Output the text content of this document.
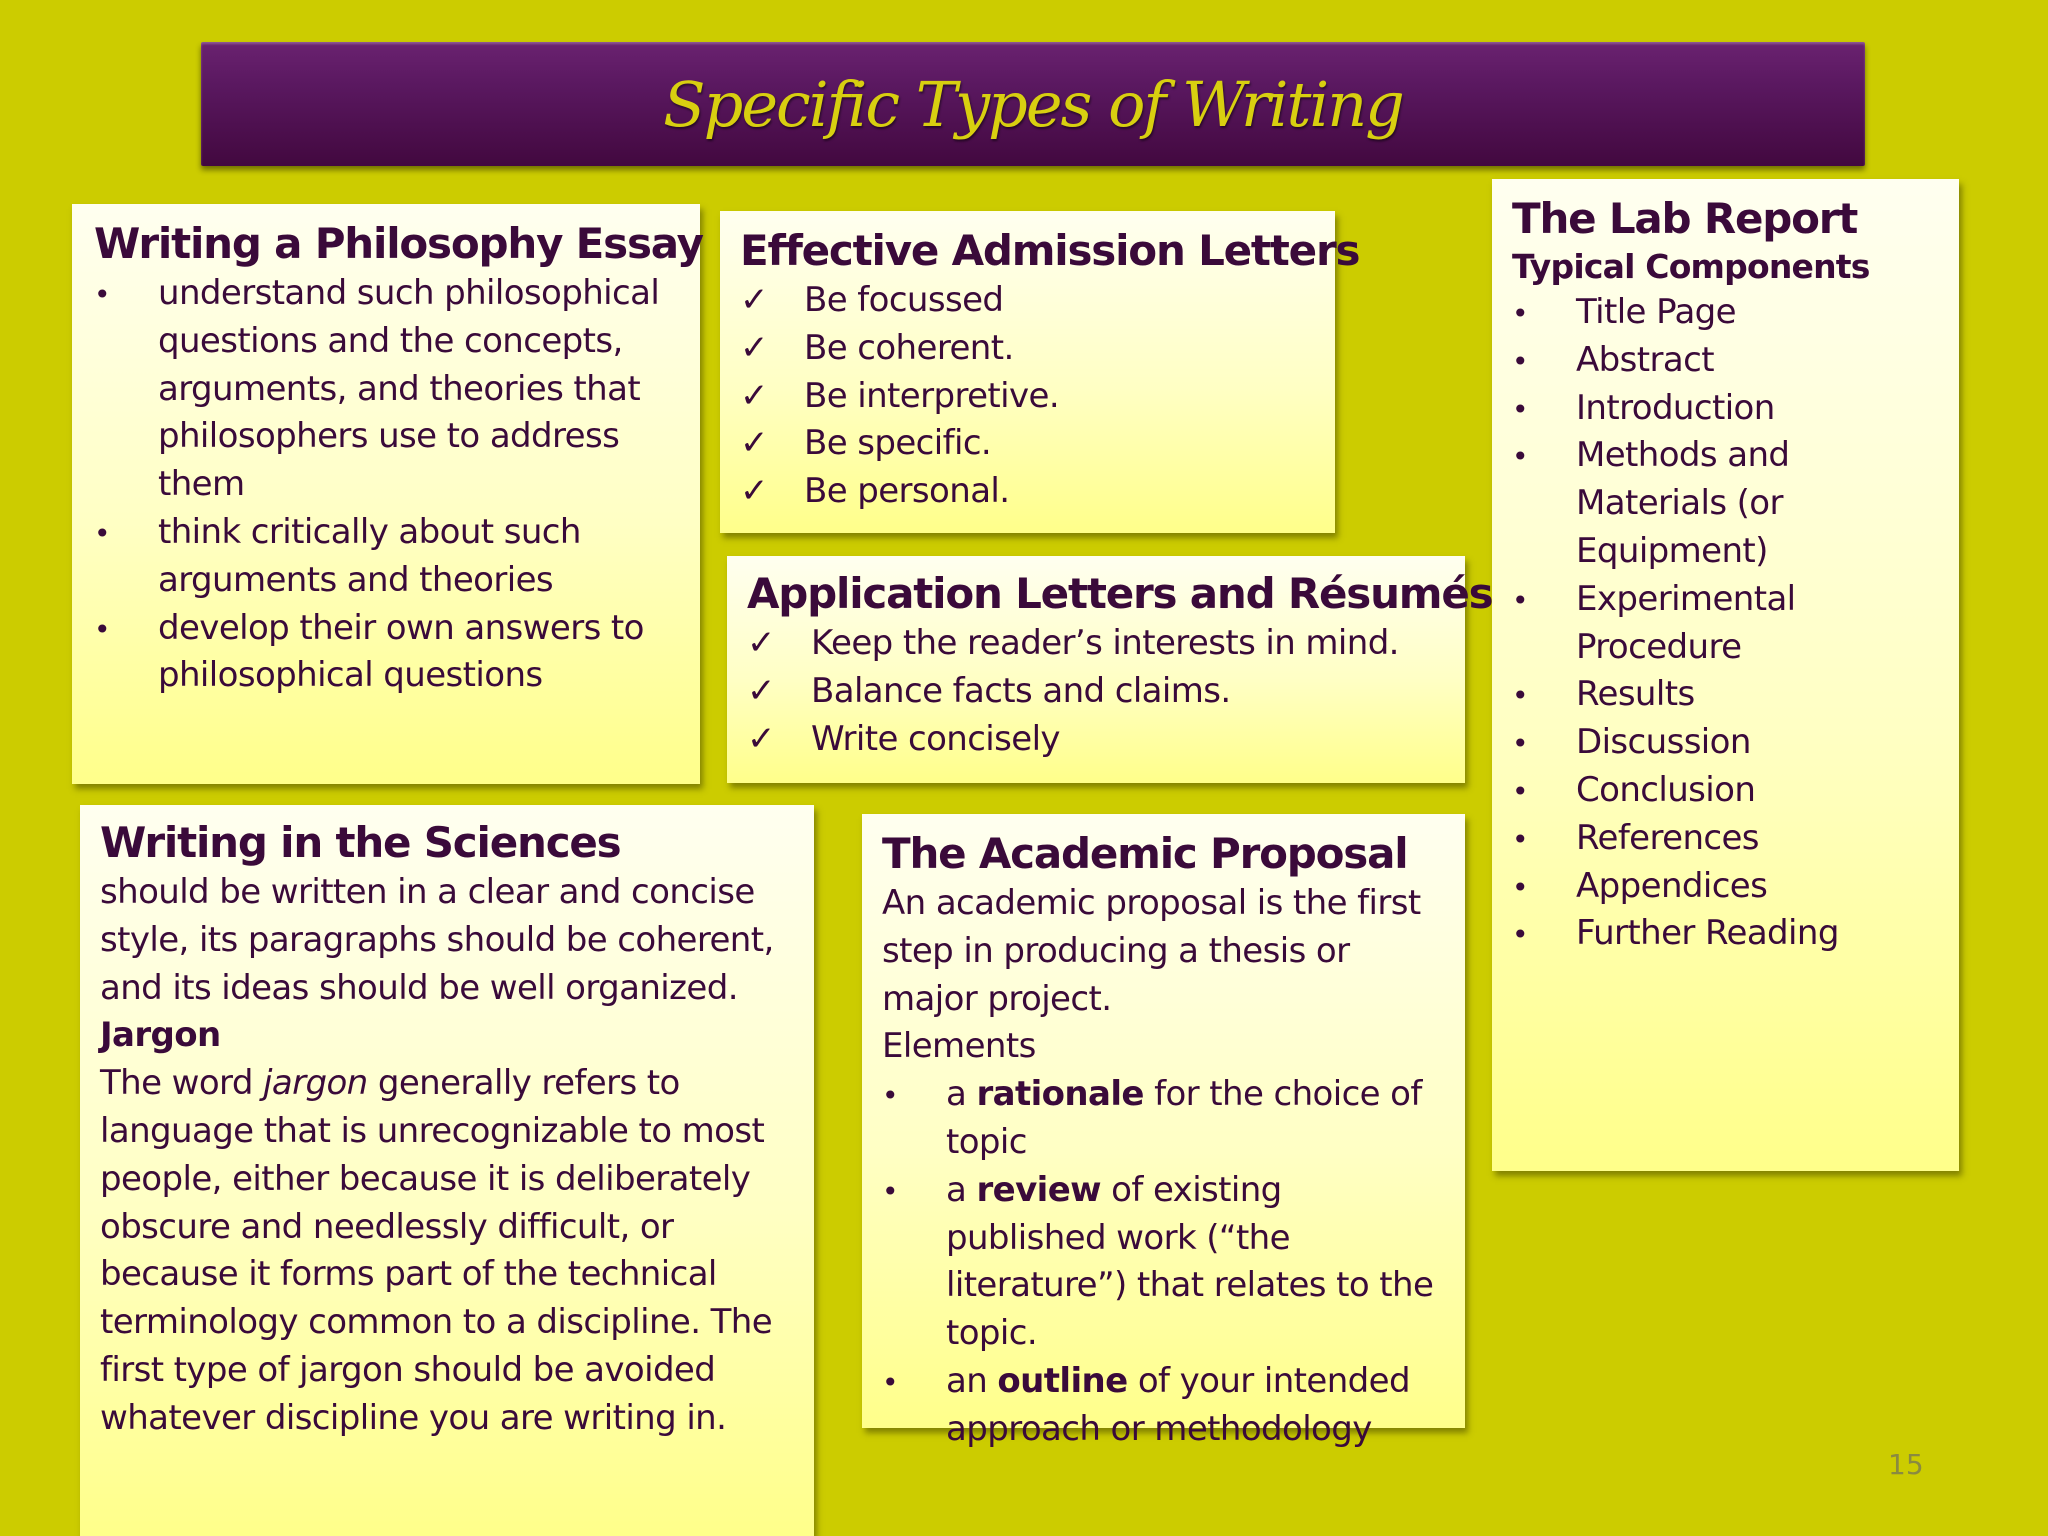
Specific Types of Writing
Writing a Philosophy Essay
•
understand such philosophical questions and the concepts, arguments, and theories that philosophers use to address them
•
think critically about such arguments and theories
•
develop their own answers to philosophical questions
Effective Admission Letters
✓
Be focussed
✓
Be coherent.
✓
Be interpretive.
✓
Be specific.
✓
Be personal.
Application Letters and Résumés
✓
Keep the reader’s interests in mind.
✓
Balance facts and claims.
✓
Write concisely
The Lab Report
Typical Components
•
Title Page
•
Abstract
•
Introduction
•
Methods and Materials (or Equipment)
•
Experimental Procedure
•
Results
•
Discussion
•
Conclusion
•
References
•
Appendices
•
Further Reading
Writing in the Sciences
should be written in a clear and concise style, its paragraphs should be coherent, and its ideas should be well organized.
Jargon
The word jargon generally refers to language that is unrecognizable to most people, either because it is deliberately obscure and needlessly difficult, or because it forms part of the technical terminology common to a discipline. The first type of jargon should be avoided whatever discipline you are writing in.
The Academic Proposal
An academic proposal is the first step in producing a thesis or major project.
Elements
•
a rationale for the choice of topic
•
a review of existing published work (“the literature”) that relates to the topic.
•
an outline of your intended approach or methodology
15
